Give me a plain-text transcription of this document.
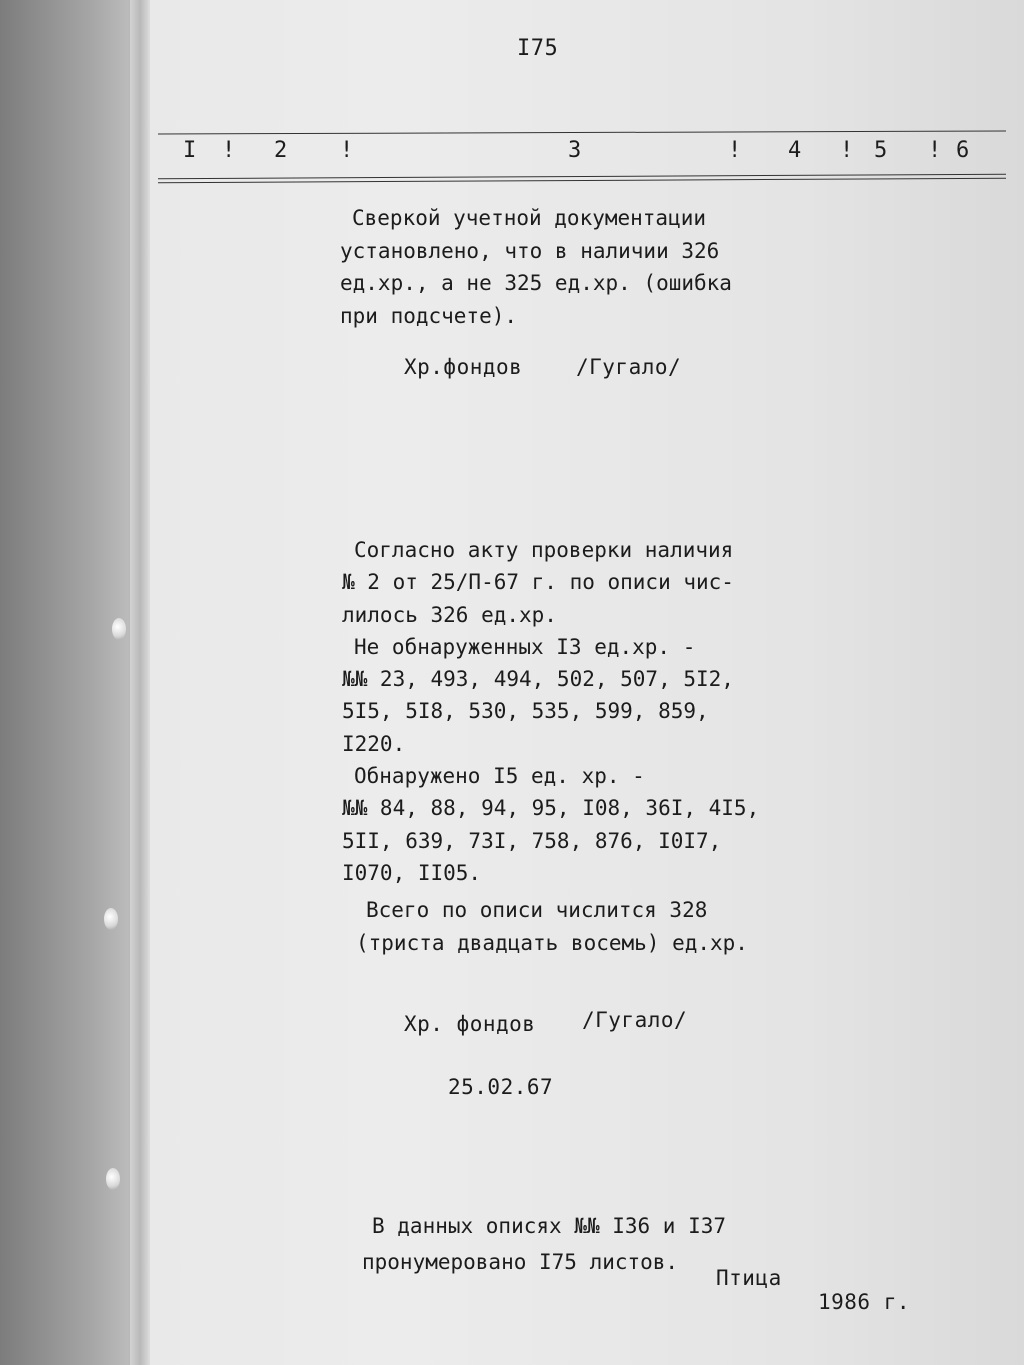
I75
I ! 2 !	3	! 4 ! 5 ! 6
Сверкой учетной документации
установлено, что в наличии 326
ед.хр., а не 325 ед.хр. (ошибка
при подсчете).
Хр.фондов	/Гугало/
Согласно акту проверки наличия
№ 2 от 25/П-67 г. по описи чис-
лилось 326 ед.хр.
Не обнаруженных I3 ед.хр. -
№№ 23, 493, 494, 502, 507, 5I2,
5I5, 5I8, 530, 535, 599, 859,
I220.
Обнаружено I5 ед. хр. -
№№ 84, 88, 94, 95, I08, 36I, 4I5,
5II, 639, 73I, 758, 876, I0I7,
I070, II05.
Всего по описи числится 328
(триста двадцать восемь) ед.хр.
Хр. фондов /Гугало/
25.02.67
В данных описях №№ I36 и I37
пронумеровано I75 листов.
Птица
1986 г.
